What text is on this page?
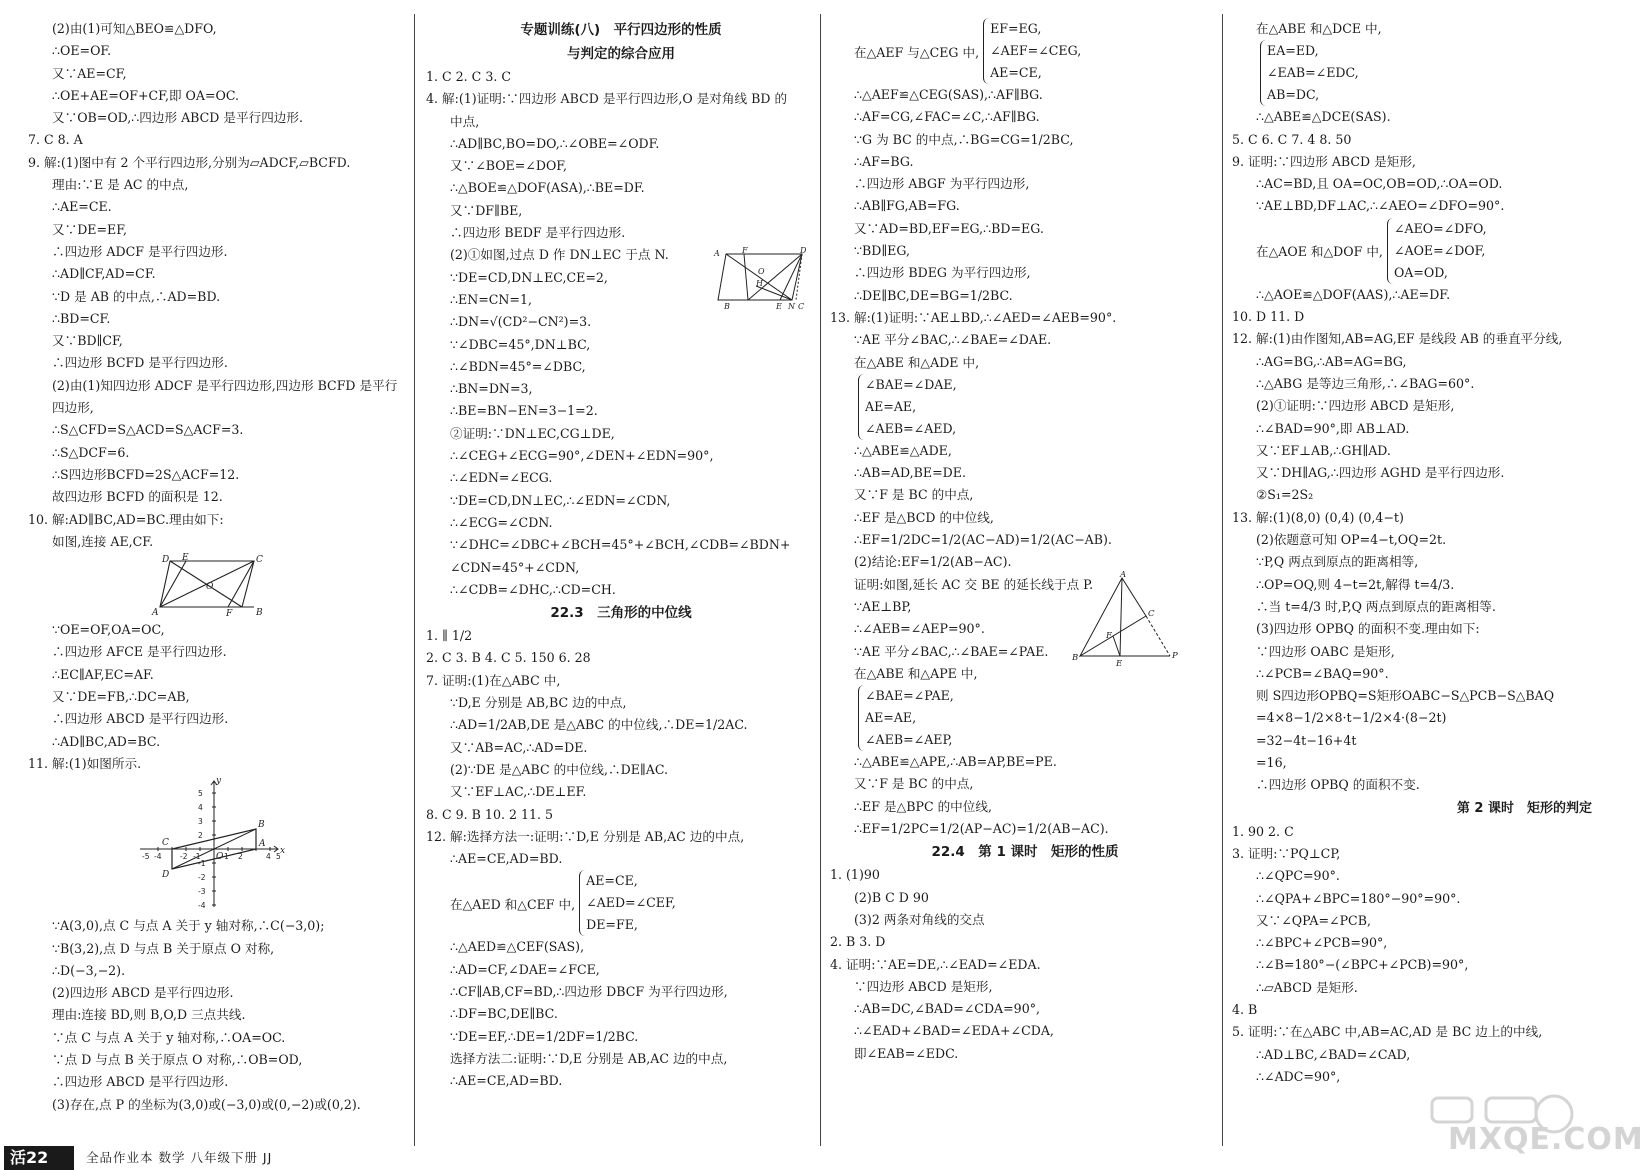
(2)由(1)可知△BEO≌△DFO,
∴OE=OF.
又∵AE=CF,
∴OE+AE=OF+CF,即 OA=OC.
又∵OB=OD,∴四边形 ABCD 是平行四边形.
7. C 8. A
9. 解:(1)图中有 2 个平行四边形,分别为▱ADCF,▱BCFD.
理由:∵E 是 AC 的中点,
∴AE=CE.
又∵DE=EF,
∴四边形 ADCF 是平行四边形.
∴AD∥CF,AD=CF.
∵D 是 AB 的中点,∴AD=BD.
∴BD=CF.
又∵BD∥CF,
∴四边形 BCFD 是平行四边形.
(2)由(1)知四边形 ADCF 是平行四边形,四边形 BCFD 是平行
四边形,
∴S△CFD=S△ACD=S△ACF=3.
∴S△DCF=6.
∴S四边形BCFD=2S△ACF=12.
故四边形 BCFD 的面积是 12.
10. 解:AD∥BC,AD=BC.理由如下:
如图,连接 AE,CF.
D E	C
A	F	B
O
∵OE=OF,OA=OC,
∴四边形 AFCE 是平行四边形.
∴EC∥AF,EC=AF.
又∵DE=FB,∴DC=AB,
∴四边形 ABCD 是平行四边形.
∴AD∥BC,AD=BC.
11. 解:(1)如图所示.
5
4
3
2
-1
-2
-3
-4
-5 -4 -2 -1	1 2	4 5
y
x
B
A
C
D
O
∵A(3,0),点 C 与点 A 关于 y 轴对称,∴C(−3,0);
∵B(3,2),点 D 与点 B 关于原点 O 对称,
∴D(−3,−2).
(2)四边形 ABCD 是平行四边形.
理由:连接 BD,则 B,O,D 三点共线.
∵点 C 与点 A 关于 y 轴对称,∴OA=OC.
∵点 D 与点 B 关于原点 O 对称,∴OB=OD,
∴四边形 ABCD 是平行四边形.
(3)存在,点 P 的坐标为(3,0)或(−3,0)或(0,−2)或(0,2).
专题训练(八)　平行四边形的性质
与判定的综合应用
1. C 2. C 3. C
4. 解:(1)证明:∵四边形 ABCD 是平行四边形,O 是对角线 BD 的
中点,
∴AD∥BC,BO=DO,∴∠OBE=∠ODF.
又∵∠BOE=∠DOF,
∴△BOE≌△DOF(ASA),∴BE=DF.
又∵DF∥BE,
∴四边形 BEDF 是平行四边形.
A	F	D
B	E N C
H
O
(2)①如图,过点 D 作 DN⊥EC 于点 N.
∵DE=CD,DN⊥EC,CE=2,
∴EN=CN=1,
∴DN=√(CD²−CN²)=3.
∵∠DBC=45°,DN⊥BC,
∴∠BDN=45°=∠DBC,
∴BN=DN=3,
∴BE=BN−EN=3−1=2.
②证明:∵DN⊥EC,CG⊥DE,
∴∠CEG+∠ECG=90°,∠DEN+∠EDN=90°,
∴∠EDN=∠ECG.
∵DE=CD,DN⊥EC,∴∠EDN=∠CDN,
∴∠ECG=∠CDN.
∵∠DHC=∠DBC+∠BCH=45°+∠BCH,∠CDB=∠BDN+
∠CDN=45°+∠CDN,
∴∠CDB=∠DHC,∴CD=CH.
22.3　三角形的中位线
1. ∥ 1/2
2. C 3. B 4. C 5. 150 6. 28
7. 证明:(1)在△ABC 中,
∵D,E 分别是 AB,BC 边的中点,
∴AD=1/2AB,DE 是△ABC 的中位线,∴DE=1/2AC.
又∵AB=AC,∴AD=DE.
(2)∵DE 是△ABC 的中位线,∴DE∥AC.
又∵EF⊥AC,∴DE⊥EF.
8. C 9. B 10. 2 11. 5
12. 解:选择方法一:证明:∵D,E 分别是 AB,AC 边的中点,
∴AE=CE,AD=BD.
在△AED 和△CEF 中,
AE=CE,
∠AED=∠CEF,
DE=FE,
∴△AED≌△CEF(SAS),
∴AD=CF,∠DAE=∠FCE,
∴CF∥AB,CF=BD,∴四边形 DBCF 为平行四边形,
∴DF=BC,DE∥BC.
∵DE=EF,∴DE=1/2DF=1/2BC.
选择方法二:证明:∵D,E 分别是 AB,AC 边的中点,
∴AE=CE,AD=BD.
在△AEF 与△CEG 中,
EF=EG,
∠AEF=∠CEG,
AE=CE,
∴△AEF≌△CEG(SAS),∴AF∥BG.
∴AF=CG,∠FAC=∠C,∴AF∥BG.
∵G 为 BC 的中点,∴BG=CG=1/2BC,
∴AF=BG.
∴四边形 ABGF 为平行四边形,
∴AB∥FG,AB=FG.
又∵AD=BD,EF=EG,∴BD=EG.
∵BD∥EG,
∴四边形 BDEG 为平行四边形,
∴DE∥BC,DE=BG=1/2BC.
13. 解:(1)证明:∵AE⊥BD,∴∠AED=∠AEB=90°.
∵AE 平分∠BAC,∴∠BAE=∠DAE.
在△ABE 和△ADE 中,
∠BAE=∠DAE,
AE=AE,
∠AEB=∠AED,
∴△ABE≌△ADE,
∴AB=AD,BE=DE.
又∵F 是 BC 的中点,
∴EF 是△BCD 的中位线,
∴EF=1/2DC=1/2(AC−AD)=1/2(AC−AB).
(2)结论:EF=1/2(AB−AC).
A
C
B
E
P
F
证明:如图,延长 AC 交 BE 的延长线于点 P.
∵AE⊥BP,
∴∠AEB=∠AEP=90°.
∵AE 平分∠BAC,∴∠BAE=∠PAE.
在△ABE 和△APE 中,
∠BAE=∠PAE,
AE=AE,
∠AEB=∠AEP,
∴△ABE≌△APE,∴AB=AP,BE=PE.
又∵F 是 BC 的中点,
∴EF 是△BPC 的中位线,
∴EF=1/2PC=1/2(AP−AC)=1/2(AB−AC).
22.4　第 1 课时　矩形的性质
1. (1)90
(2)B C D 90
(3)2 两条对角线的交点
2. B 3. D
4. 证明:∵AE=DE,∴∠EAD=∠EDA.
∵四边形 ABCD 是矩形,
∴AB=DC,∠BAD=∠CDA=90°,
∴∠EAD+∠BAD=∠EDA+∠CDA,
即∠EAB=∠EDC.
在△ABE 和△DCE 中,
EA=ED,
∠EAB=∠EDC,
AB=DC,
∴△ABE≌△DCE(SAS).
5. C 6. C 7. 4 8. 50
9. 证明:∵四边形 ABCD 是矩形,
∴AC=BD,且 OA=OC,OB=OD,∴OA=OD.
∵AE⊥BD,DF⊥AC,∴∠AEO=∠DFO=90°.
在△AOE 和△DOF 中,
∠AEO=∠DFO,
∠AOE=∠DOF,
OA=OD,
∴△AOE≌△DOF(AAS),∴AE=DF.
10. D 11. D
12. 解:(1)由作图知,AB=AG,EF 是线段 AB 的垂直平分线,
∴AG=BG,∴AB=AG=BG,
∴△ABG 是等边三角形,∴∠BAG=60°.
(2)①证明:∵四边形 ABCD 是矩形,
∴∠BAD=90°,即 AB⊥AD.
又∵EF⊥AB,∴GH∥AD.
又∵DH∥AG,∴四边形 AGHD 是平行四边形.
②S₁=2S₂
13. 解:(1)(8,0) (0,4) (0,4−t)
(2)依题意可知 OP=4−t,OQ=2t.
∵P,Q 两点到原点的距离相等,
∴OP=OQ,则 4−t=2t,解得 t=4/3.
∴当 t=4/3 时,P,Q 两点到原点的距离相等.
(3)四边形 OPBQ 的面积不变.理由如下:
∵四边形 OABC 是矩形,
∴∠PCB=∠BAQ=90°.
则 S四边形OPBQ=S矩形OABC−S△PCB−S△BAQ
=4×8−1/2×8·t−1/2×4·(8−2t)
=32−4t−16+4t
=16,
∴四边形 OPBQ 的面积不变.
第 2 课时　矩形的判定
1. 90 2. C
3. 证明:∵PQ⊥CP,
∴∠QPC=90°.
∴∠QPA+∠BPC=180°−90°=90°.
又∵∠QPA=∠PCB,
∴∠BPC+∠PCB=90°,
∴∠B=180°−(∠BPC+∠PCB)=90°,
∴▱ABCD 是矩形.
4. B
5. 证明:∵在△ABC 中,AB=AC,AD 是 BC 边上的中线,
∴AD⊥BC,∠BAD=∠CAD,
∴∠ADC=90°,
活22	全品作业本 数学 八年级下册 JJ
MXQE.COM
